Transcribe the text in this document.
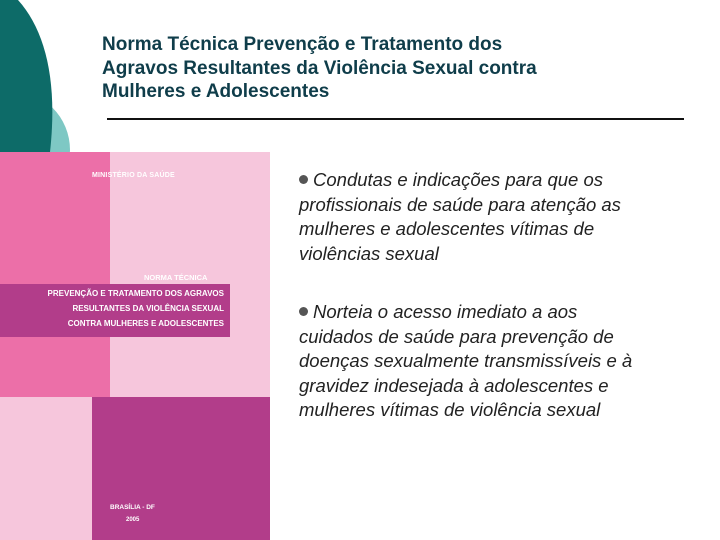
Norma Técnica Prevenção e Tratamento dos
Agravos Resultantes da Violência Sexual contra
Mulheres e Adolescentes
MINISTÉRIO DA SAÚDE
NORMA TÉCNICA
PREVENÇÃO E TRATAMENTO DOS AGRAVOS
RESULTANTES DA VIOLÊNCIA SEXUAL
CONTRA MULHERES E ADOLESCENTES
BRASÍLIA - DF
2005
Condutas e indicações para que os
profissionais de saúde para atenção as
mulheres e adolescentes vítimas de
violências sexual
Norteia o acesso imediato a aos
cuidados de saúde para prevenção de
doenças sexualmente transmissíveis e à
gravidez indesejada à adolescentes e
mulheres vítimas de violência sexual
